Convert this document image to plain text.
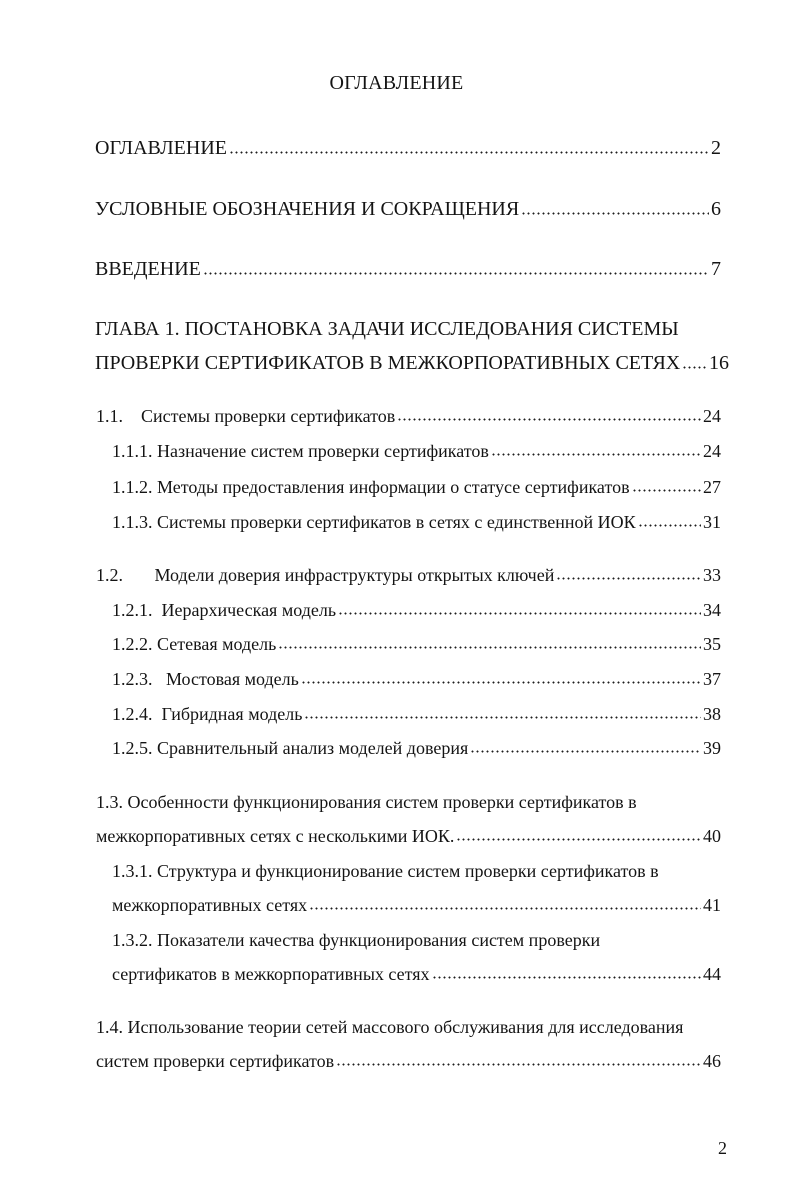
ОГЛАВЛЕНИЕ
ОГЛАВЛЕНИЕ	2
УСЛОВНЫЕ ОБОЗНАЧЕНИЯ И СОКРАЩЕНИЯ	6
ВВЕДЕНИЕ	7
ГЛАВА 1. ПОСТАНОВКА ЗАДАЧИ ИССЛЕДОВАНИЯ СИСТЕМЫ
ПРОВЕРКИ СЕРТИФИКАТОВ В МЕЖКОРПОРАТИВНЫХ СЕТЯХ 16
1.1.    Системы проверки сертификатов	24
1.1.1. Назначение систем проверки сертификатов	24
1.1.2. Методы предоставления информации о статусе сертификатов	27
1.1.3. Системы проверки сертификатов в сетях с единственной ИОК	31
1.2.       Модели доверия инфраструктуры открытых ключей	33
1.2.1.  Иерархическая модель	34
1.2.2. Сетевая модель	35
1.2.3.   Мостовая модель	37
1.2.4.  Гибридная модель	38
1.2.5. Сравнительный анализ моделей доверия	39
1.3. Особенности функционирования систем проверки сертификатов в
межкорпоративных сетях с несколькими ИОК.	40
1.3.1. Структура и функционирование систем проверки сертификатов в
межкорпоративных сетях	41
1.3.2. Показатели качества функционирования систем проверки
сертификатов в межкорпоративных сетях	44
1.4. Использование теории сетей массового обслуживания для исследования
систем проверки сертификатов	46
2
